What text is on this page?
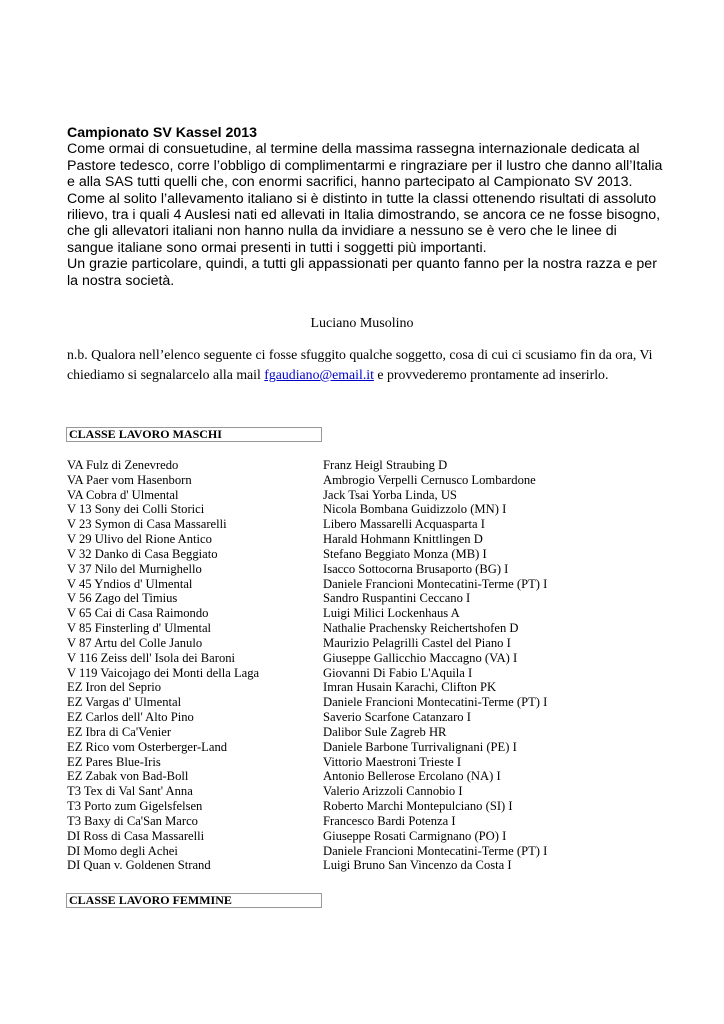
Campionato SV Kassel 2013

Come ormai di consuetudine, al termine della massima rassegna internazionale dedicata al Pastore tedesco, corre l’obbligo di complimentarmi e ringraziare per il lustro che danno all’Italia e alla SAS tutti quelli che, con enormi sacrifici, hanno partecipato al Campionato SV 2013. Come al solito l’allevamento italiano si è distinto in tutte la classi ottenendo risultati di assoluto rilievo, tra i quali 4 Auslesi nati ed allevati in Italia dimostrando, se ancora ce ne fosse bisogno, che gli allevatori italiani non hanno nulla da invidiare a nessuno se è vero che le linee di sangue italiane sono ormai presenti in tutti i soggetti più importanti.

Un grazie particolare, quindi, a tutti gli appassionati per quanto fanno per la nostra razza e per la nostra società.

Luciano Musolino
n.b. Qualora nell’elenco seguente ci fosse sfuggito qualche soggetto, cosa di cui ci scusiamo fin da ora, Vi chiediamo si segnalarcelo alla mail fgaudiano@email.it e provvederemo prontamente ad inserirlo.
CLASSE LAVORO MASCHI
VA Fulz di Zenevredo	Franz Heigl Straubing D
VA Paer vom Hasenborn	Ambrogio Verpelli Cernusco Lombardone
VA Cobra d' Ulmental	Jack Tsai Yorba Linda, US
V 13 Sony dei Colli Storici	Nicola Bombana Guidizzolo (MN) I
V 23 Symon di Casa Massarelli	Libero Massarelli Acquasparta I
V 29 Ulivo del Rione Antico	Harald Hohmann Knittlingen D
V 32 Danko di Casa Beggiato	Stefano Beggiato Monza (MB) I
V 37 Nilo del Murnighello	Isacco Sottocorna Brusaporto (BG) I
V 45 Yndios d' Ulmental	Daniele Francioni Montecatini-Terme (PT) I
V 56 Zago del Timius	Sandro Ruspantini Ceccano I
V 65 Cai di Casa Raimondo	Luigi Milici Lockenhaus A
V 85 Finsterling d' Ulmental	Nathalie Prachensky Reichertshofen D
V 87 Artu del Colle Janulo	Maurizio Pelagrilli Castel del Piano I
V 116 Zeiss dell' Isola dei Baroni	Giuseppe Gallicchio Maccagno (VA) I
V 119 Vaicojago dei Monti della Laga	Giovanni Di Fabio L'Aquila I
EZ Iron del Seprio	Imran Husain Karachi, Clifton PK
EZ Vargas d' Ulmental	Daniele Francioni Montecatini-Terme (PT) I
EZ Carlos dell' Alto Pino	Saverio Scarfone Catanzaro I
EZ Ibra di Ca'Venier	Dalibor Sule Zagreb HR
EZ Rico vom Osterberger-Land	Daniele Barbone Turrivalignani (PE) I
EZ Pares Blue-Iris	Vittorio Maestroni Trieste I
EZ Zabak von Bad-Boll	Antonio Bellerose Ercolano (NA) I
T3 Tex di Val Sant' Anna	Valerio Arizzoli Cannobio I
T3 Porto zum Gigelsfelsen	Roberto Marchi Montepulciano (SI) I
T3 Baxy di Ca'San Marco	Francesco Bardi Potenza I
DI Ross di Casa Massarelli	Giuseppe Rosati Carmignano (PO) I
DI Momo degli Achei	Daniele Francioni Montecatini-Terme (PT) I
DI Quan v. Goldenen Strand	Luigi Bruno San Vincenzo da Costa I
CLASSE LAVORO FEMMINE
